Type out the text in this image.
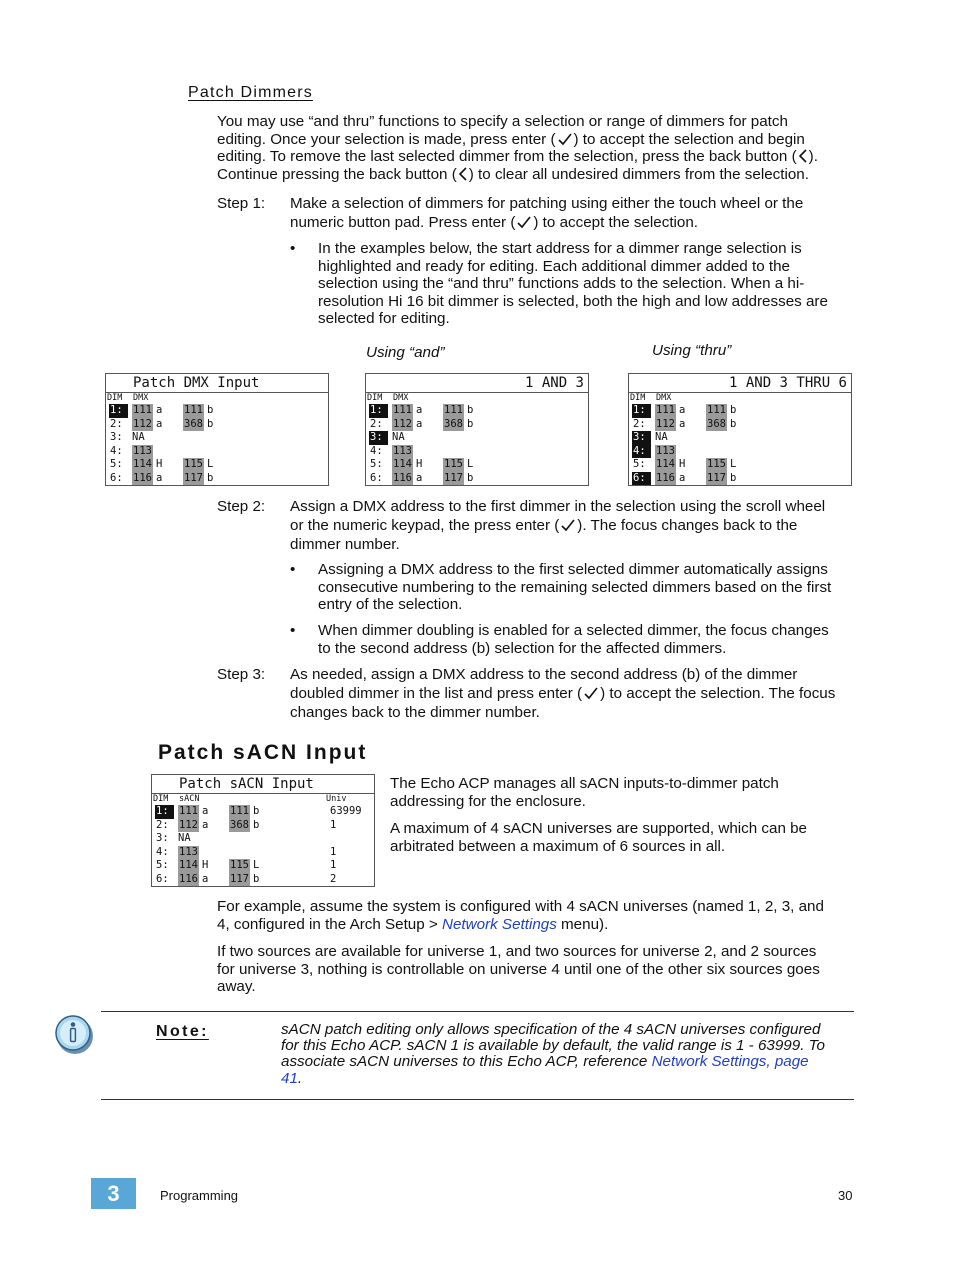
Patch Dimmers

You may use “and thru” functions to specify a selection or range of dimmers for patch

editing. Once your selection is made, press enter ( ) to accept the selection and begin

editing. To remove the last selected dimmer from the selection, press the back button ( ).

Continue pressing the back button ( ) to clear all undesired dimmers from the selection.

Step 1: Make a selection of dimmers for patching using either the touch wheel or the
numeric button pad. Press enter ( ) to accept the selection.
• In the examples below, the start address for a dimmer range selection is
highlighted and ready for editing. Each additional dimmer added to the
selection using the “and thru” functions adds to the selection. When a hi-
resolution Hi 16 bit dimmer is selected, both the high and low addresses are
selected for editing.
Using “and”	Using “thru”
Patch DMX Input
DIM DMX
1: 111 a 111 b
2: 112 a 368 b
3: NA
4: 113
5: 114 H 115 L
6: 116 a 117 b
1 AND 3
DIM DMX
1: 111 a 111 b
2: 112 a 368 b
3: NA
4: 113
5: 114 H 115 L
6: 116 a 117 b
1 AND 3 THRU 6
DIM DMX
1: 111 a 111 b
2: 112 a 368 b
3: NA
4: 113
5: 114 H 115 L
6: 116 a 117 b
Step 2: Assign a DMX address to the first dimmer in the selection using the scroll wheel
or the numeric keypad, the press enter ( ). The focus changes back to the
dimmer number.
• Assigning a DMX address to the first selected dimmer automatically assigns
consecutive numbering to the remaining selected dimmers based on the first
entry of the selection.
• When dimmer doubling is enabled for a selected dimmer, the focus changes
to the second address (b) selection for the affected dimmers.
Step 3: As needed, assign a DMX address to the second address (b) of the dimmer
doubled dimmer in the list and press enter ( ) to accept the selection. The focus
changes back to the dimmer number.
Patch sACN Input
Patch sACN Input
DIM sACN	Univ
1: 111 a 111 b	63999
2: 112 a 368 b	1
3: NA
4: 113	1
5: 114 H 115 L	1
6: 116 a 117 b	2

The Echo ACP manages all sACN inputs-to-dimmer patch

addressing for the enclosure.

A maximum of 4 sACN universes are supported, which can be

arbitrated between a maximum of 6 sources in all.

For example, assume the system is configured with 4 sACN universes (named 1, 2, 3, and

4, configured in the Arch Setup > Network Settings menu).

If two sources are available for universe 1, and two sources for universe 2, and 2 sources

for universe 3, nothing is controllable on universe 4 until one of the other six sources goes

away.

Note:	sACN patch editing only allows specification of the 4 sACN universes configured
for this Echo ACP. sACN 1 is available by default, the valid range is 1 - 63999. To
associate sACN universes to this Echo ACP, reference Network Settings, page
41.
3	Programming	30
